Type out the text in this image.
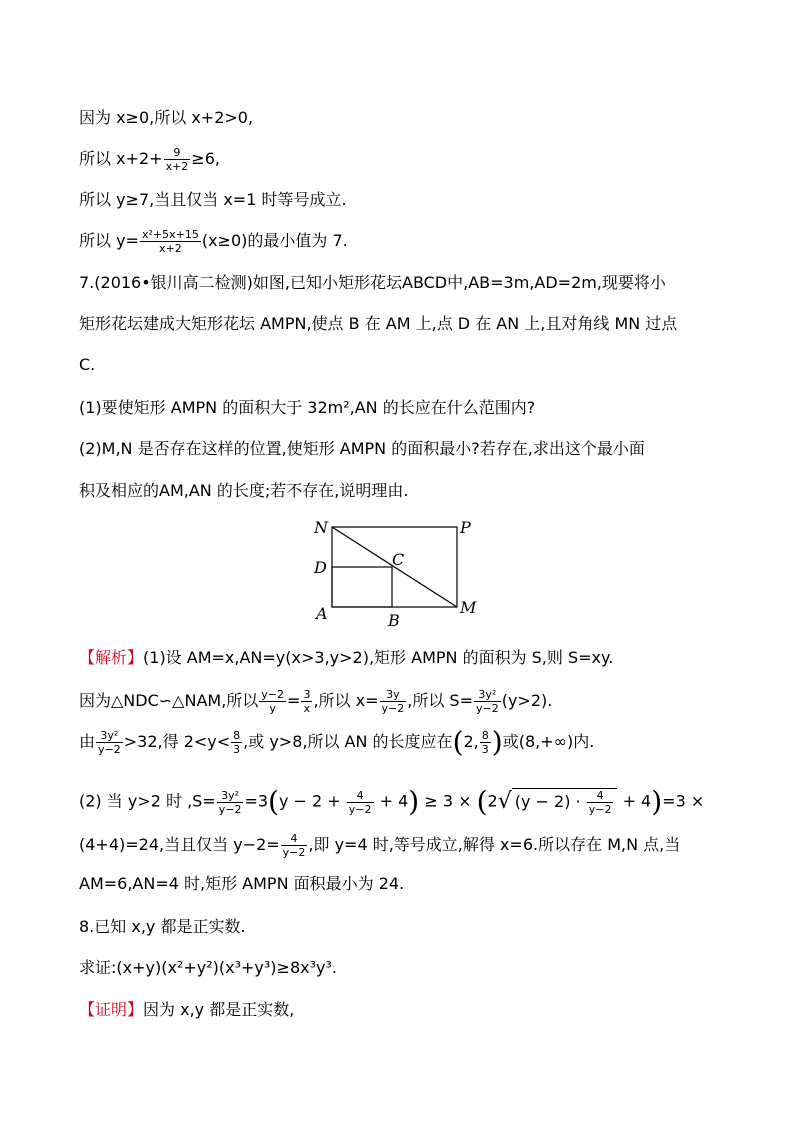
因为 x≥0,所以 x+2>0,
所以 $x+2+ \frac{9}{x+2} \ge 6$,
所以 y≥7,当且仅当 x=1 时等号成立.
所以 $y= \frac{\text{x²+5x+15}}{x+2} (x\ge 0)$的最小值为 7.
7.(2016•银川高二检测)如图,已知小矩形花坛ABCD中,AB=3m,AD=2m,现要将小
矩形花坛建成大矩形花坛 AMPN,使点 B 在 AM 上,点 D 在 AN 上,且对角线 MN 过点
C.
(1)要使矩形 AMPN 的面积大于 32m²,AN 的长应在什么范围内?
(2)M,N 是否存在这样的位置,使矩形 AMPN 的面积最小?若存在,求出这个最小面
积及相应的AM,AN 的长度;若不存在,说明理由.
N	P
D	C
A	B
M
【解析】(1)设 AM=x,AN=y(x>3,y>2),矩形 AMPN 的面积为 S,则 S=xy.
因为△NDC∽△NAM,所以 $\frac{y-2}{y} = \frac{3}{x}$ ,所以 $x= \frac{3y}{y-2}$ ,所以 $S= \frac{\text{3y²}}{y-2} (y>2)$.
由 $\frac{\text{3y²}}{y-2} >32$,得 $2<y< \frac{8}{3}$ ,或 y>8,所以 AN 的长度应在(2, $\frac{8}{3}$ )或(8,+∞)内.
(2) 当 y>2 时 $,S= \frac{\text{3y²}}{y-2} =3(y - 2 + \frac{4}{y-2} + 4) \ge 3 \times (2√$ $(y - 2) \cdot \frac{4}{y-2} + 4)=3$ ×
(4+4)=24,当且仅当 $y-2= \frac{4}{y-2}$ ,即 y=4 时,等号成立,解得 x=6.所以存在 M,N 点,当
AM=6,AN=4 时,矩形 AMPN 面积最小为 24.
8.已知 x,y 都是正实数.
求证:(x+y)(x²+y²)(x³+y³)≥8x³y³.
【证明】因为 x,y 都是正实数,
